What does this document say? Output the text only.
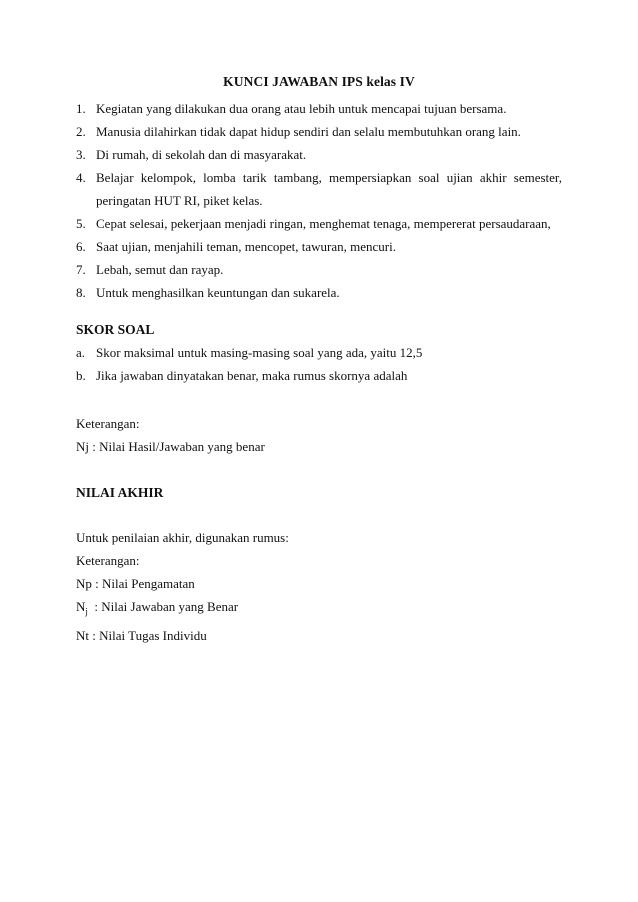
KUNCI JAWABAN IPS kelas IV
1. Kegiatan yang dilakukan dua orang atau lebih untuk mencapai tujuan bersama.
2. Manusia dilahirkan tidak dapat hidup sendiri dan selalu membutuhkan orang lain.
3. Di rumah, di sekolah dan di masyarakat.
4. Belajar kelompok, lomba tarik tambang, mempersiapkan soal ujian akhir semester, peringatan HUT RI, piket kelas.
5. Cepat selesai, pekerjaan menjadi ringan, menghemat tenaga, mempererat persaudaraan,
6. Saat ujian, menjahili teman, mencopet, tawuran, mencuri.
7. Lebah, semut dan rayap.
8. Untuk menghasilkan keuntungan dan sukarela.
SKOR SOAL
a. Skor maksimal untuk masing-masing soal yang ada, yaitu 12,5
b. Jika jawaban dinyatakan benar, maka rumus skornya adalah
Keterangan:
Nj : Nilai Hasil/Jawaban yang benar
NILAI AKHIR
Untuk penilaian akhir, digunakan rumus:
Keterangan:
Np : Nilai Pengamatan
$N_j$  : Nilai Jawaban yang Benar
Nt : Nilai Tugas Individu
